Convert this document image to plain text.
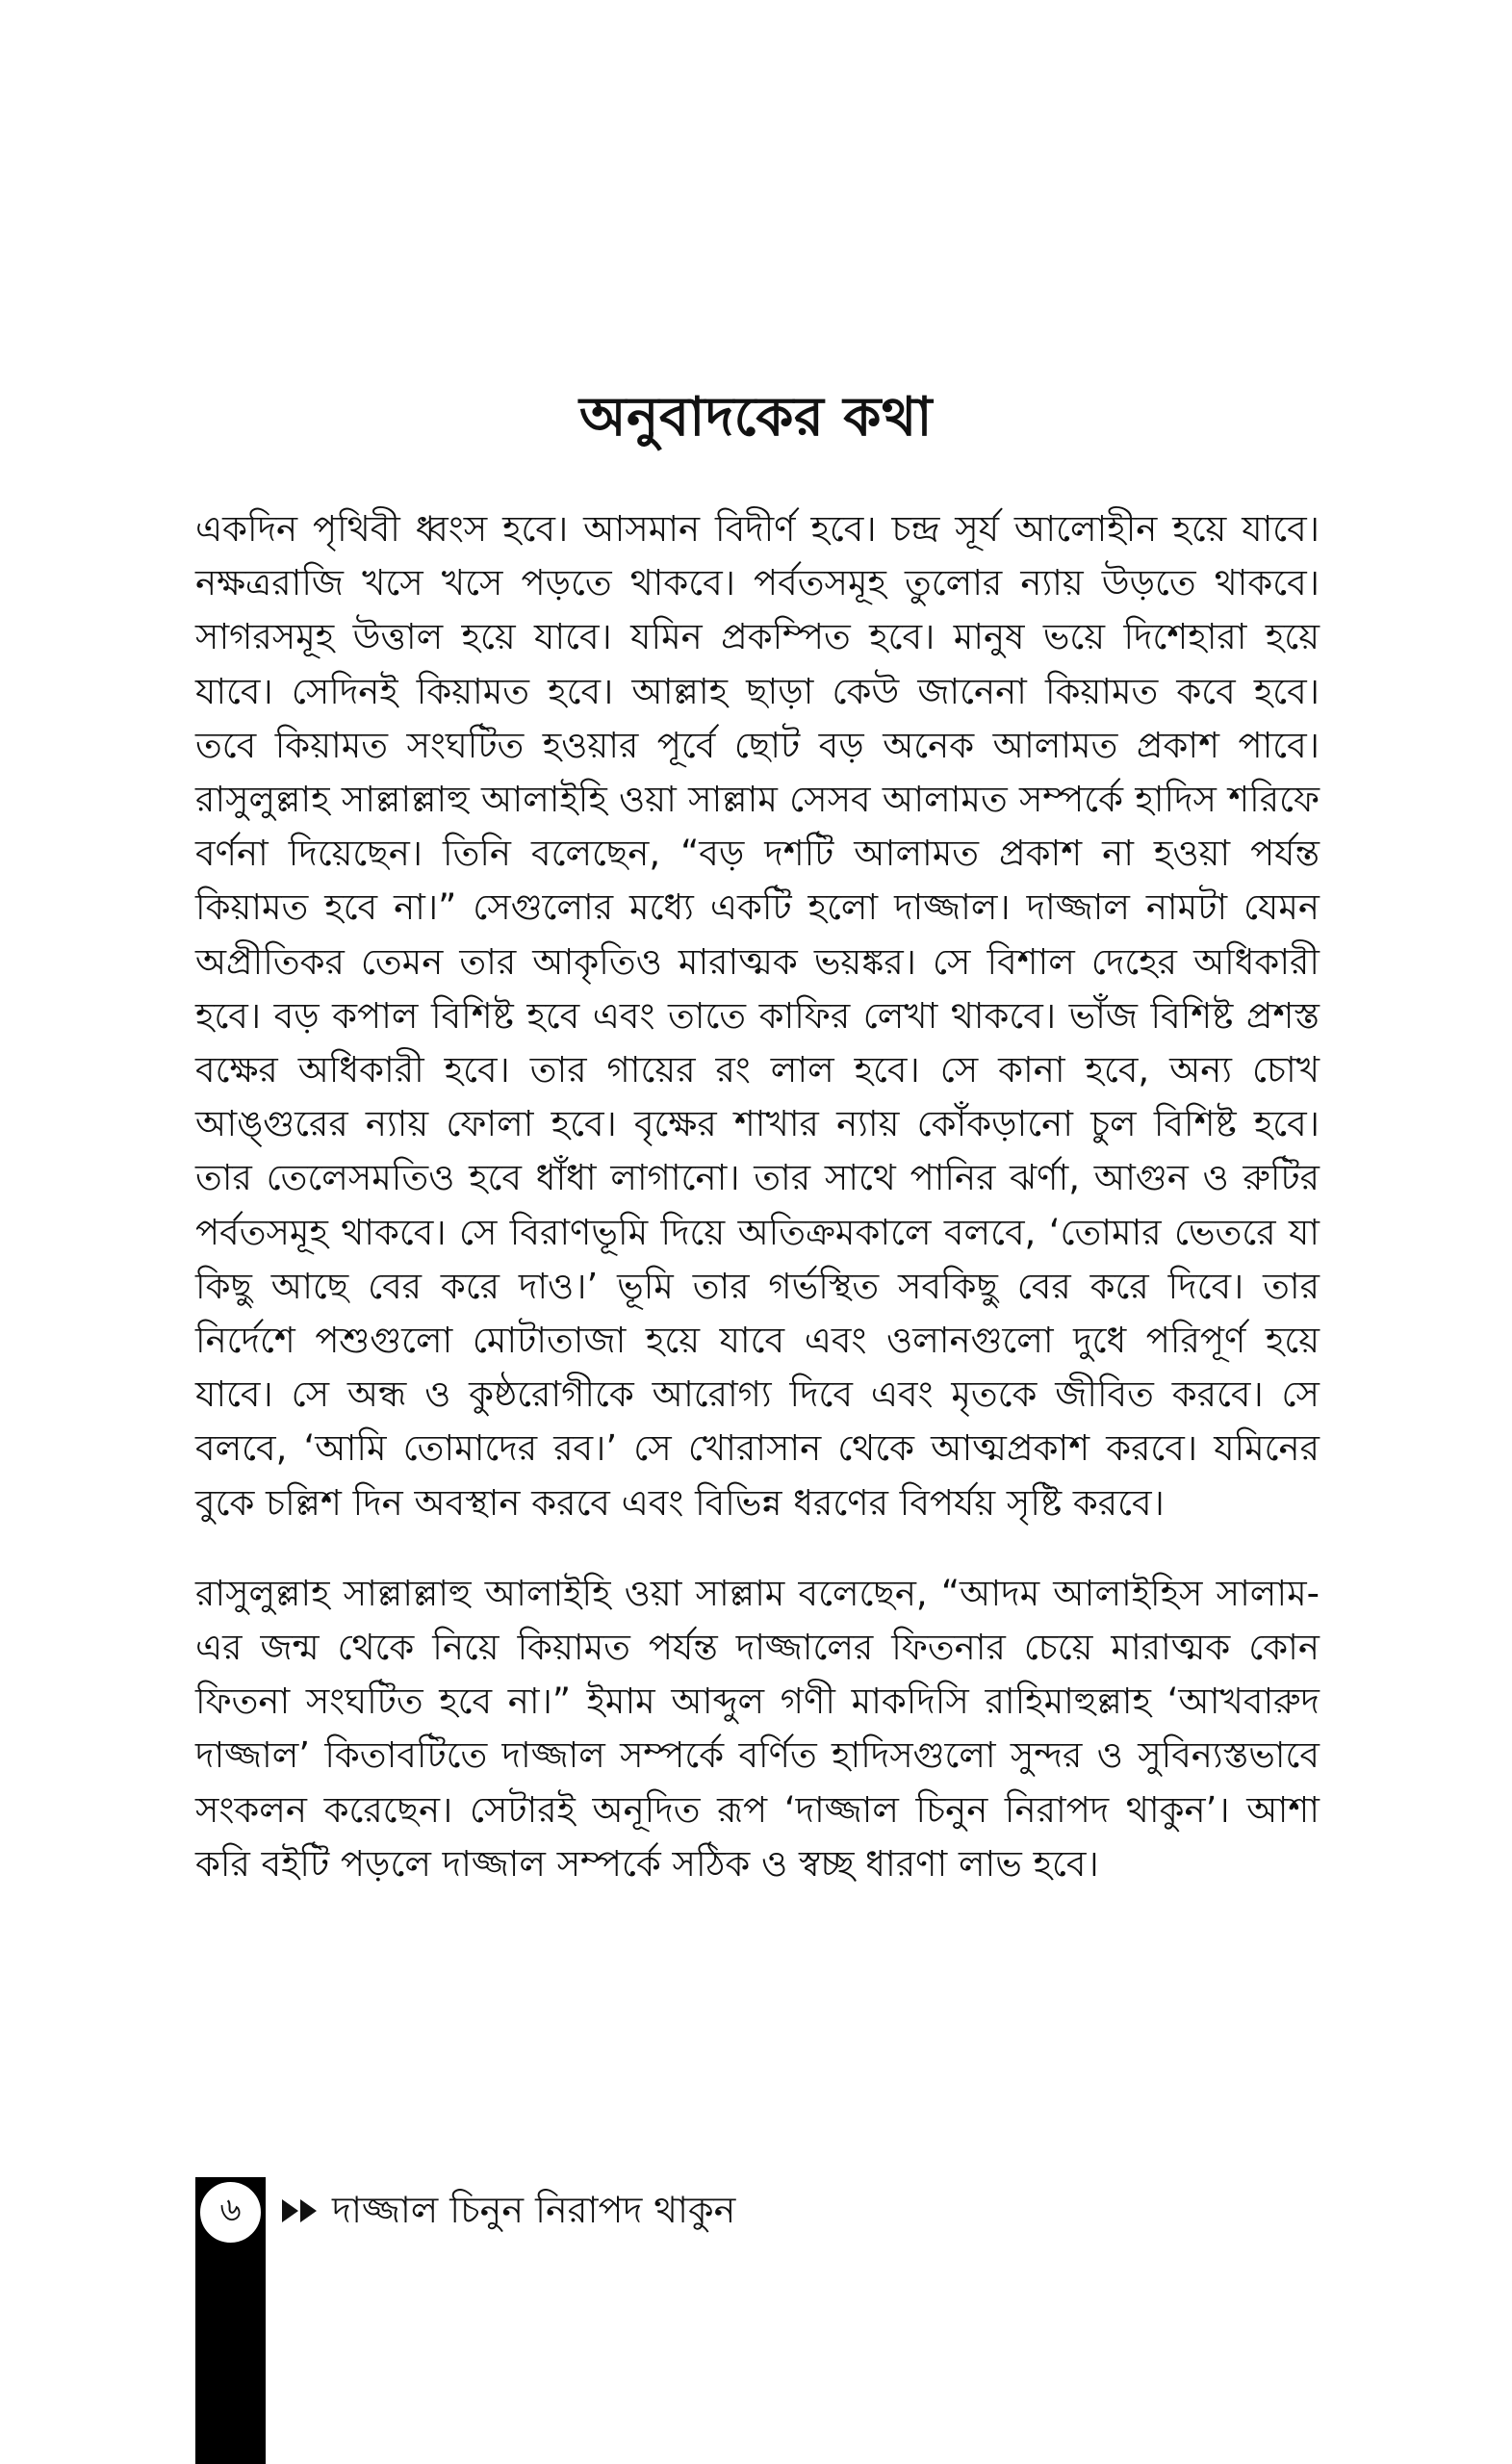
অনুবাদকের কথা

একদিন পৃথিবী ধ্বংস হবে। আসমান বিদীর্ণ হবে। চন্দ্র সূর্য আলোহীন হয়ে যাবে। নক্ষত্ররাজি খসে খসে পড়তে থাকবে। পর্বতসমূহ তুলোর ন্যায় উড়তে থাকবে। সাগরসমূহ উত্তাল হয়ে যাবে। যমিন প্রকম্পিত হবে। মানুষ ভয়ে দিশেহারা হয়ে যাবে। সেদিনই কিয়ামত হবে। আল্লাহ ছাড়া কেউ জানেনা কিয়ামত কবে হবে। তবে কিয়ামত সংঘটিত হওয়ার পূর্বে ছোট বড় অনেক আলামত প্রকাশ পাবে। রাসুলুল্লাহ সাল্লাল্লাহু আলাইহি ওয়া সাল্লাম সেসব আলামত সম্পর্কে হাদিস শরিফে বর্ণনা দিয়েছেন। তিনি বলেছেন, “বড় দশটি আলামত প্রকাশ না হওয়া পর্যন্ত কিয়ামত হবে না।” সেগুলোর মধ্যে একটি হলো দাজ্জাল। দাজ্জাল নামটা যেমন অপ্রীতিকর তেমন তার আকৃতিও মারাত্মক ভয়ঙ্কর। সে বিশাল দেহের অধিকারী হবে। বড় কপাল বিশিষ্ট হবে এবং তাতে কাফির লেখা থাকবে। ভাঁজ বিশিষ্ট প্রশস্ত বক্ষের অধিকারী হবে। তার গায়ের রং লাল হবে। সে কানা হবে, অন্য চোখ আঙ্গুরের ন্যায় ফোলা হবে। বৃক্ষের শাখার ন্যায় কোঁকড়ানো চুল বিশিষ্ট হবে। তার তেলেসমতিও হবে ধাঁধা লাগানো। তার সাথে পানির ঝর্ণা, আগুন ও রুটির পর্বতসমূহ থাকবে। সে বিরাণভূমি দিয়ে অতিক্রমকালে বলবে, ‘তোমার ভেতরে যা কিছু আছে বের করে দাও।’ ভূমি তার গর্ভস্থিত সবকিছু বের করে দিবে। তার নির্দেশে পশুগুলো মোটাতাজা হয়ে যাবে এবং ওলানগুলো দুধে পরিপূর্ণ হয়ে যাবে। সে অন্ধ ও কুষ্ঠরোগীকে আরোগ্য দিবে এবং মৃতকে জীবিত করবে। সে বলবে, ‘আমি তোমাদের রব।’ সে খোরাসান থেকে আত্মপ্রকাশ করবে। যমিনের বুকে চল্লিশ দিন অবস্থান করবে এবং বিভিন্ন ধরণের বিপর্যয় সৃষ্টি করবে।

রাসুলুল্লাহ সাল্লাল্লাহু আলাইহি ওয়া সাল্লাম বলেছেন, “আদম আলাইহিস সালাম- এর জন্ম থেকে নিয়ে কিয়ামত পর্যন্ত দাজ্জালের ফিতনার চেয়ে মারাত্মক কোন ফিতনা সংঘটিত হবে না।” ইমাম আব্দুল গণী মাকদিসি রাহিমাহুল্লাহ ‘আখবারুদ দাজ্জাল’ কিতাবটিতে দাজ্জাল সম্পর্কে বর্ণিত হাদিসগুলো সুন্দর ও সুবিন্যস্তভাবে সংকলন করেছেন। সেটারই অনূদিত রূপ ‘দাজ্জাল চিনুন নিরাপদ থাকুন’। আশা করি বইটি পড়লে দাজ্জাল সম্পর্কে সঠিক ও স্বচ্ছ ধারণা লাভ হবে।

৬	দাজ্জাল চিনুন নিরাপদ থাকুন
